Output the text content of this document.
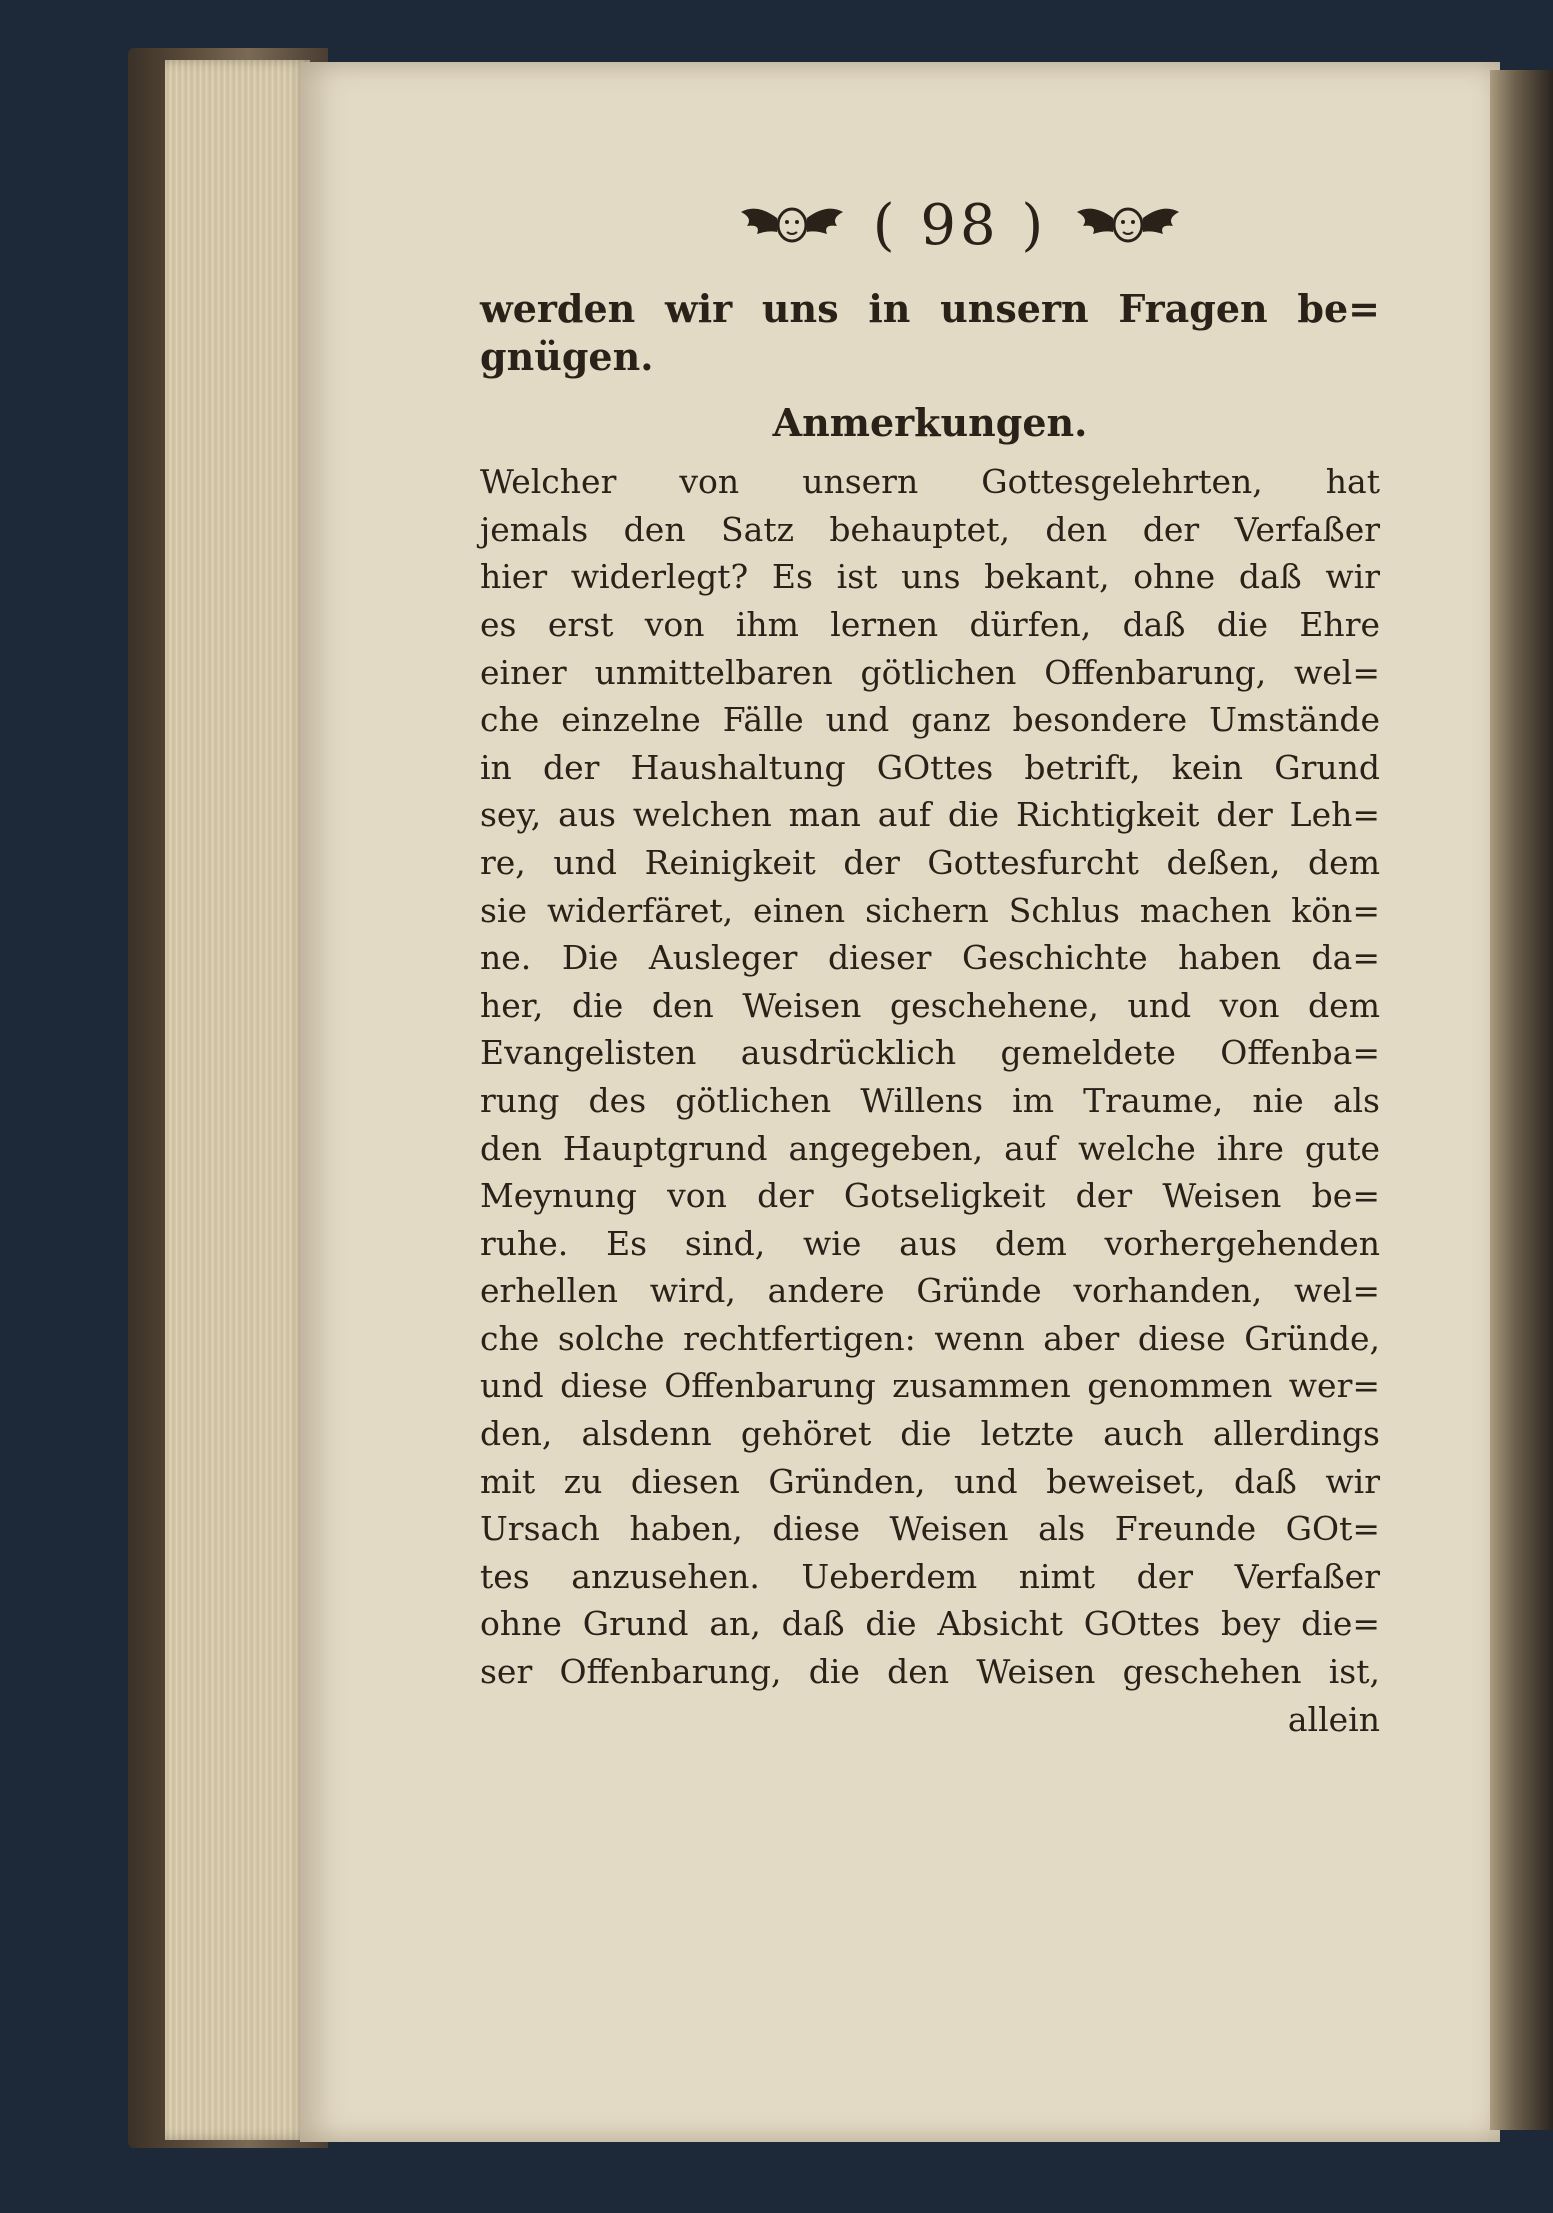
( 98 )
werden wir uns in unsern Fragen be=
gnügen.
Anmerkungen.
Welcher von unsern Gottesgelehrten, hat
jemals den Satz behauptet, den der Verfaßer
hier widerlegt? Es ist uns bekant, ohne daß wir
es erst von ihm lernen dürfen, daß die Ehre
einer unmittelbaren götlichen Offenbarung, wel=
che einzelne Fälle und ganz besondere Umstände
in der Haushaltung GOttes betrift, kein Grund
sey, aus welchen man auf die Richtigkeit der Leh=
re, und Reinigkeit der Gottesfurcht deßen, dem
sie widerfäret, einen sichern Schlus machen kön=
ne. Die Ausleger dieser Geschichte haben da=
her, die den Weisen geschehene, und von dem
Evangelisten ausdrücklich gemeldete Offenba=
rung des götlichen Willens im Traume, nie als
den Hauptgrund angegeben, auf welche ihre gute
Meynung von der Gotseligkeit der Weisen be=
ruhe. Es sind, wie aus dem vorhergehenden
erhellen wird, andere Gründe vorhanden, wel=
che solche rechtfertigen: wenn aber diese Gründe,
und diese Offenbarung zusammen genommen wer=
den, alsdenn gehöret die letzte auch allerdings
mit zu diesen Gründen, und beweiset, daß wir
Ursach haben, diese Weisen als Freunde GOt=
tes anzusehen. Ueberdem nimt der Verfaßer
ohne Grund an, daß die Absicht GOttes bey die=
ser Offenbarung, die den Weisen geschehen ist,
allein
